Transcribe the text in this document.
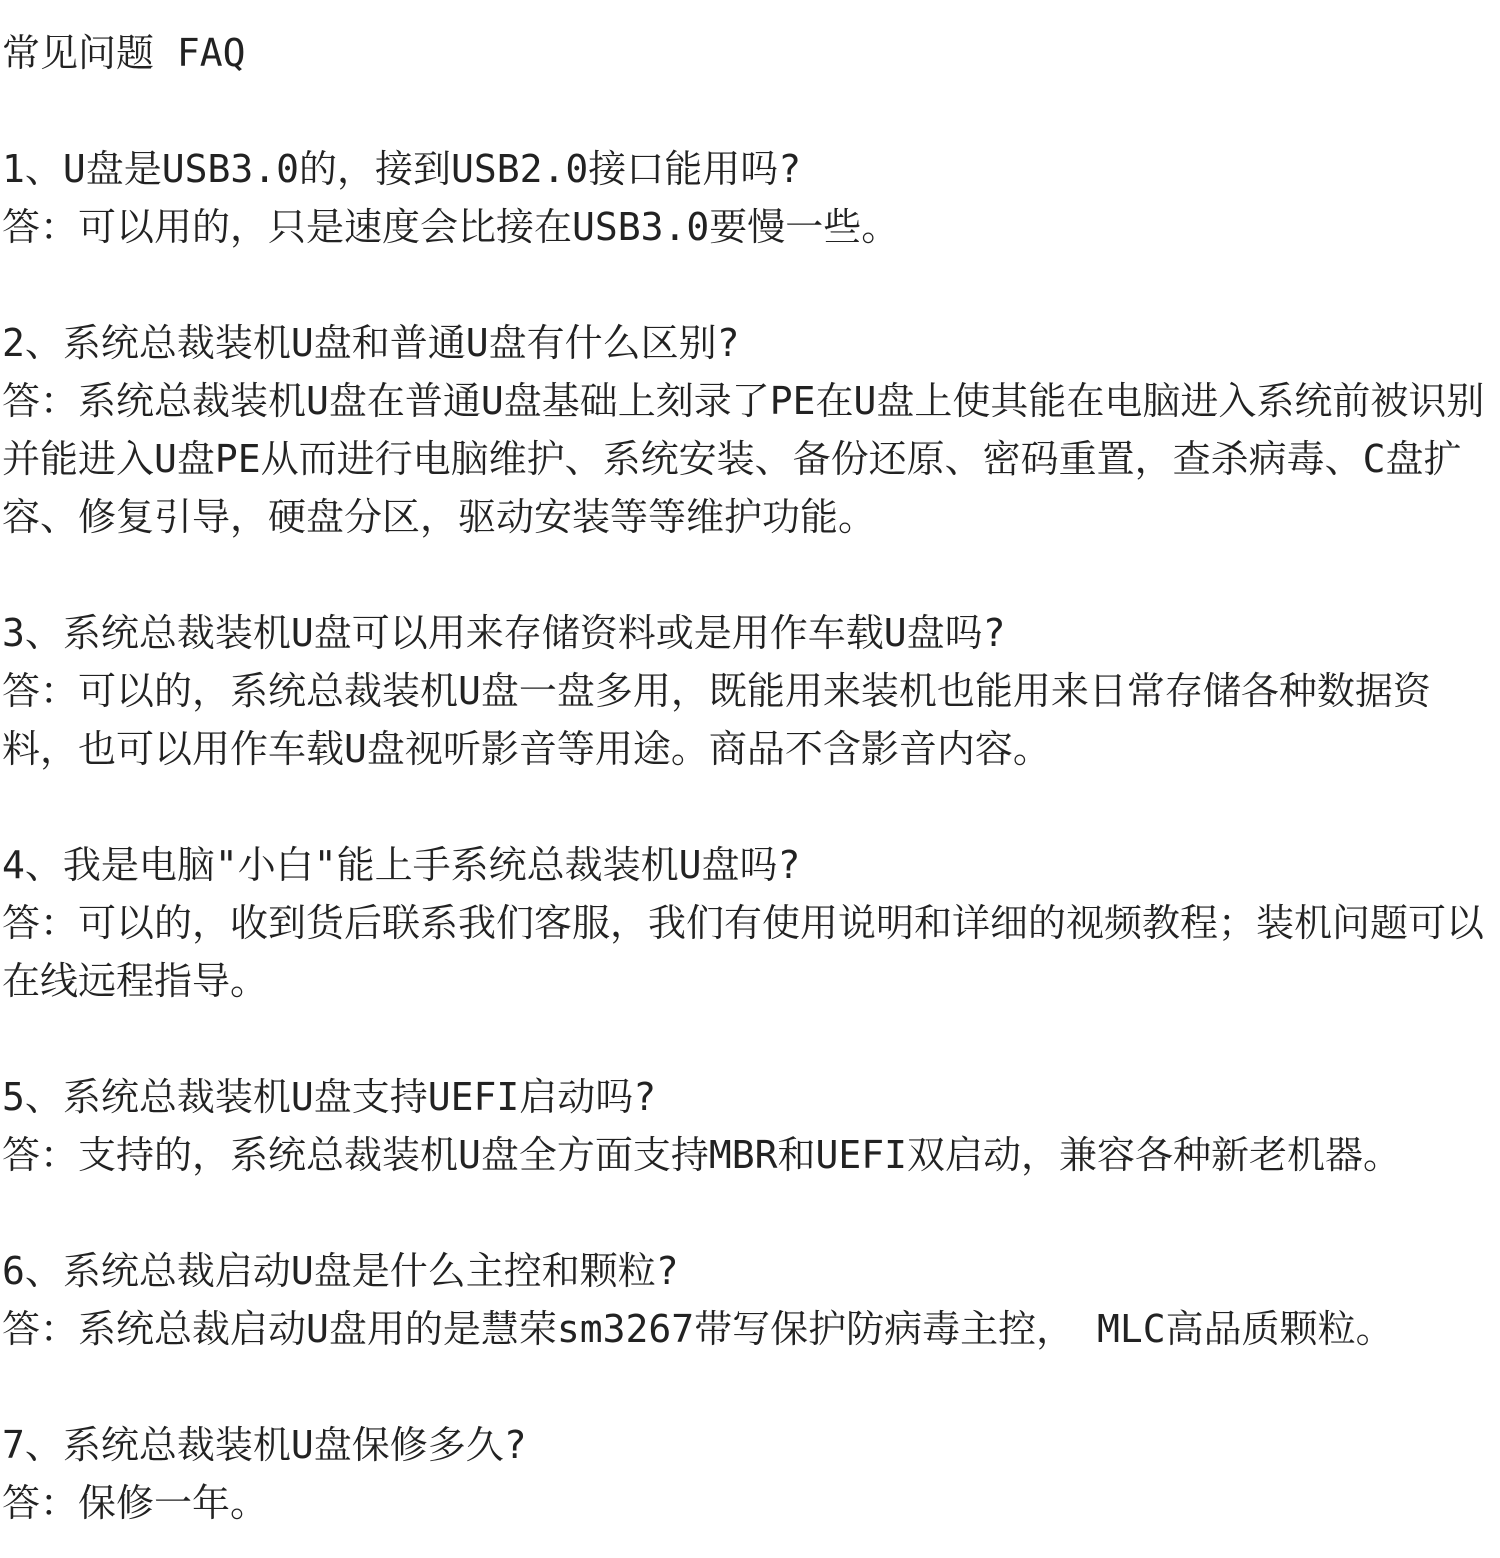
常见问题 FAQ

1、U盘是USB3.0的，接到USB2.0接口能用吗?

答：可以用的，只是速度会比接在USB3.0要慢一些。

2、系统总裁装机U盘和普通U盘有什么区别?

答：系统总裁装机U盘在普通U盘基础上刻录了PE在U盘上使其能在电脑进入系统前被识别并能进入U盘PE从而进行电脑维护、系统安装、备份还原、密码重置，查杀病毒、C盘扩容、修复引导，硬盘分区，驱动安装等等维护功能。

3、系统总裁装机U盘可以用来存储资料或是用作车载U盘吗?

答：可以的，系统总裁装机U盘一盘多用，既能用来装机也能用来日常存储各种数据资料，也可以用作车载U盘视听影音等用途。商品不含影音内容。

4、我是电脑"小白"能上手系统总裁装机U盘吗?

答：可以的，收到货后联系我们客服，我们有使用说明和详细的视频教程；装机问题可以在线远程指导。

5、系统总裁装机U盘支持UEFI启动吗?

答：支持的，系统总裁装机U盘全方面支持MBR和UEFI双启动，兼容各种新老机器。

6、系统总裁启动U盘是什么主控和颗粒?

答：系统总裁启动U盘用的是慧荣sm3267带写保护防病毒主控， MLC高品质颗粒。

7、系统总裁装机U盘保修多久?

答：保修一年。
